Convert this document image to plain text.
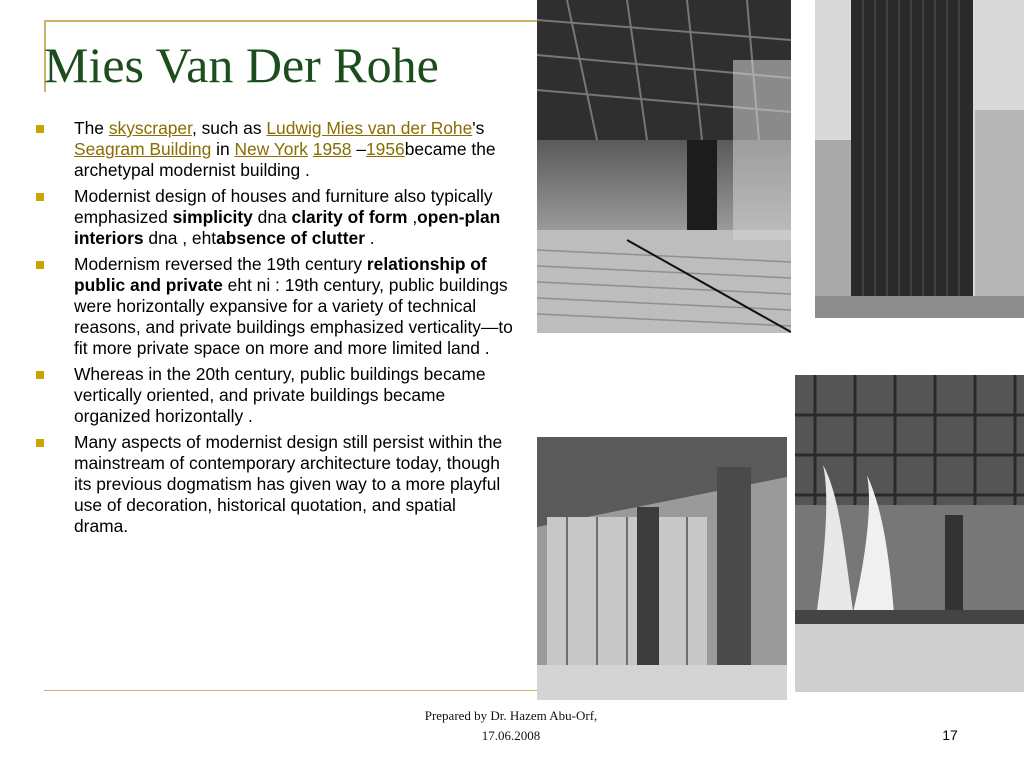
Mies Van Der Rohe
The skyscraper, such as Ludwig Mies van der Rohe's Seagram Building in New York 1958 –1956became the archetypal modernist building .
Modernist design of houses and furniture also typically emphasized simplicity dna clarity of form ,open-plan interiors dna , ehtabsence of clutter .
Modernism reversed the 19th century relationship of public and private eht ni : 19th century, public buildings were horizontally expansive for a variety of technical reasons, and private buildings emphasized verticality—to fit more private space on more and more limited land .
Whereas in the 20th century, public buildings became vertically oriented, and private buildings became organized horizontally .
Many aspects of modernist design still persist within the mainstream of contemporary architecture today, though its previous dogmatism has given way to a more playful use of decoration, historical quotation, and spatial drama.
Prepared by Dr. Hazem Abu-Orf,
17.06.2008	17
